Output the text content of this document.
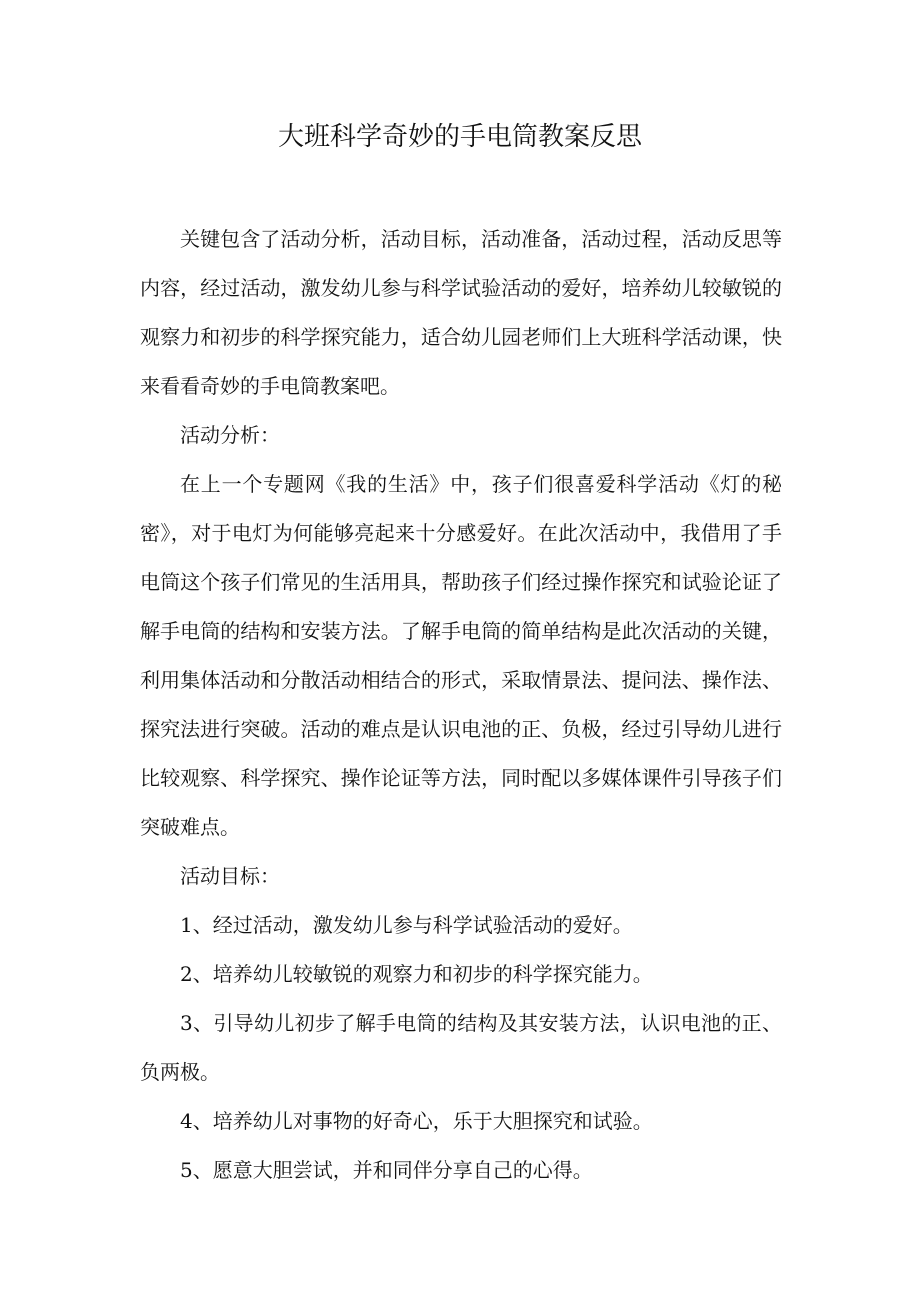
大班科学奇妙的手电筒教案反思

关键包含了活动分析，活动目标，活动准备，活动过程，活动反思等内容，经过活动，激发幼儿参与科学试验活动的爱好，培养幼儿较敏锐的观察力和初步的科学探究能力，适合幼儿园老师们上大班科学活动课，快来看看奇妙的手电筒教案吧。

活动分析：

在上一个专题网《我的生活》中，孩子们很喜爱科学活动《灯的秘密》，对于电灯为何能够亮起来十分感爱好。在此次活动中，我借用了手电筒这个孩子们常见的生活用具，帮助孩子们经过操作探究和试验论证了解手电筒的结构和安装方法。了解手电筒的简单结构是此次活动的关键，利用集体活动和分散活动相结合的形式，采取情景法、提问法、操作法、探究法进行突破。活动的难点是认识电池的正、负极，经过引导幼儿进行比较观察、科学探究、操作论证等方法，同时配以多媒体课件引导孩子们突破难点。

活动目标：

1、经过活动，激发幼儿参与科学试验活动的爱好。

2、培养幼儿较敏锐的观察力和初步的科学探究能力。

3、引导幼儿初步了解手电筒的结构及其安装方法，认识电池的正、负两极。

4、培养幼儿对事物的好奇心，乐于大胆探究和试验。

5、愿意大胆尝试，并和同伴分享自己的心得。
